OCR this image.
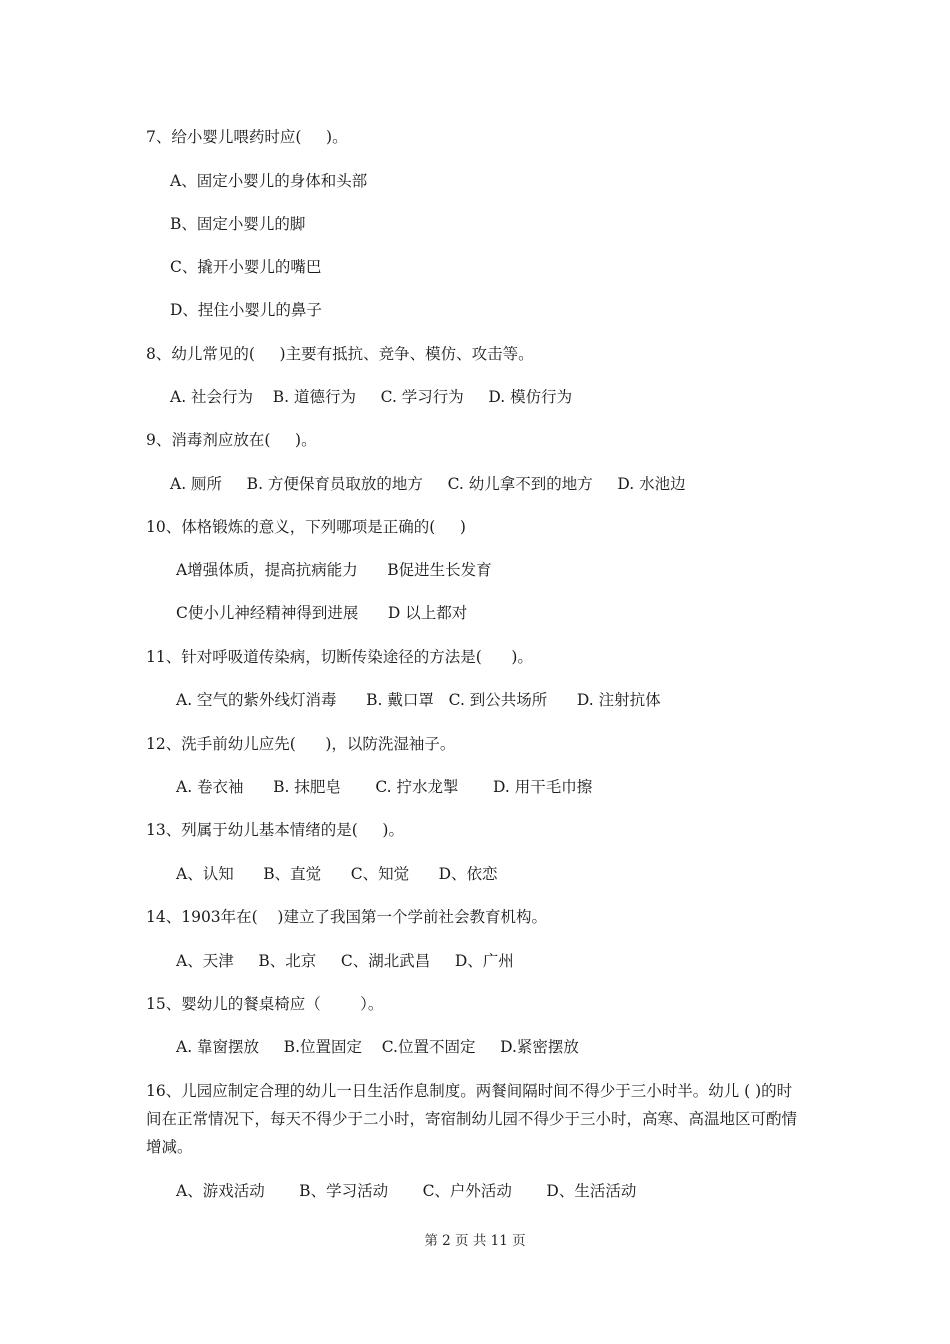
7、给小婴儿喂药时应(     )。
A、固定小婴儿的身体和头部
B、固定小婴儿的脚
C、撬开小婴儿的嘴巴
D、捏住小婴儿的鼻子
8、幼儿常见的(     )主要有抵抗、竞争、模仿、攻击等。
A. 社会行为    B. 道德行为     C. 学习行为     D. 模仿行为
9、消毒剂应放在(     )。
A. 厕所     B. 方便保育员取放的地方     C. 幼儿拿不到的地方     D. 水池边
10、体格锻炼的意义，下列哪项是正确的(     )
A增强体质，提高抗病能力      B促进生长发育
C使小儿神经精神得到进展      D 以上都对
11、针对呼吸道传染病，切断传染途径的方法是(      )。
A. 空气的紫外线灯消毒      B. 戴口罩   C. 到公共场所      D. 注射抗体
12、洗手前幼儿应先(      )，以防洗湿袖子。
A. 卷衣袖      B. 抹肥皂       C. 拧水龙掣       D. 用干毛巾擦
13、列属于幼儿基本情绪的是(     )。
A、认知      B、直觉      C、知觉      D、依恋
14、1903年在(    )建立了我国第一个学前社会教育机构。
A、天津     B、北京     C、湖北武昌     D、广州
15、婴幼儿的餐桌椅应（        ）。
A. 靠窗摆放     B.位置固定    C.位置不固定     D.紧密摆放
16、儿园应制定合理的幼儿一日生活作息制度。两餐间隔时间不得少于三小时半。幼儿 ( )的时间在正常情况下，每天不得少于二小时，寄宿制幼儿园不得少于三小时，高寒、高温地区可酌情增减。
A、游戏活动       B、学习活动       C、户外活动       D、生活活动
第 2 页 共 11 页
